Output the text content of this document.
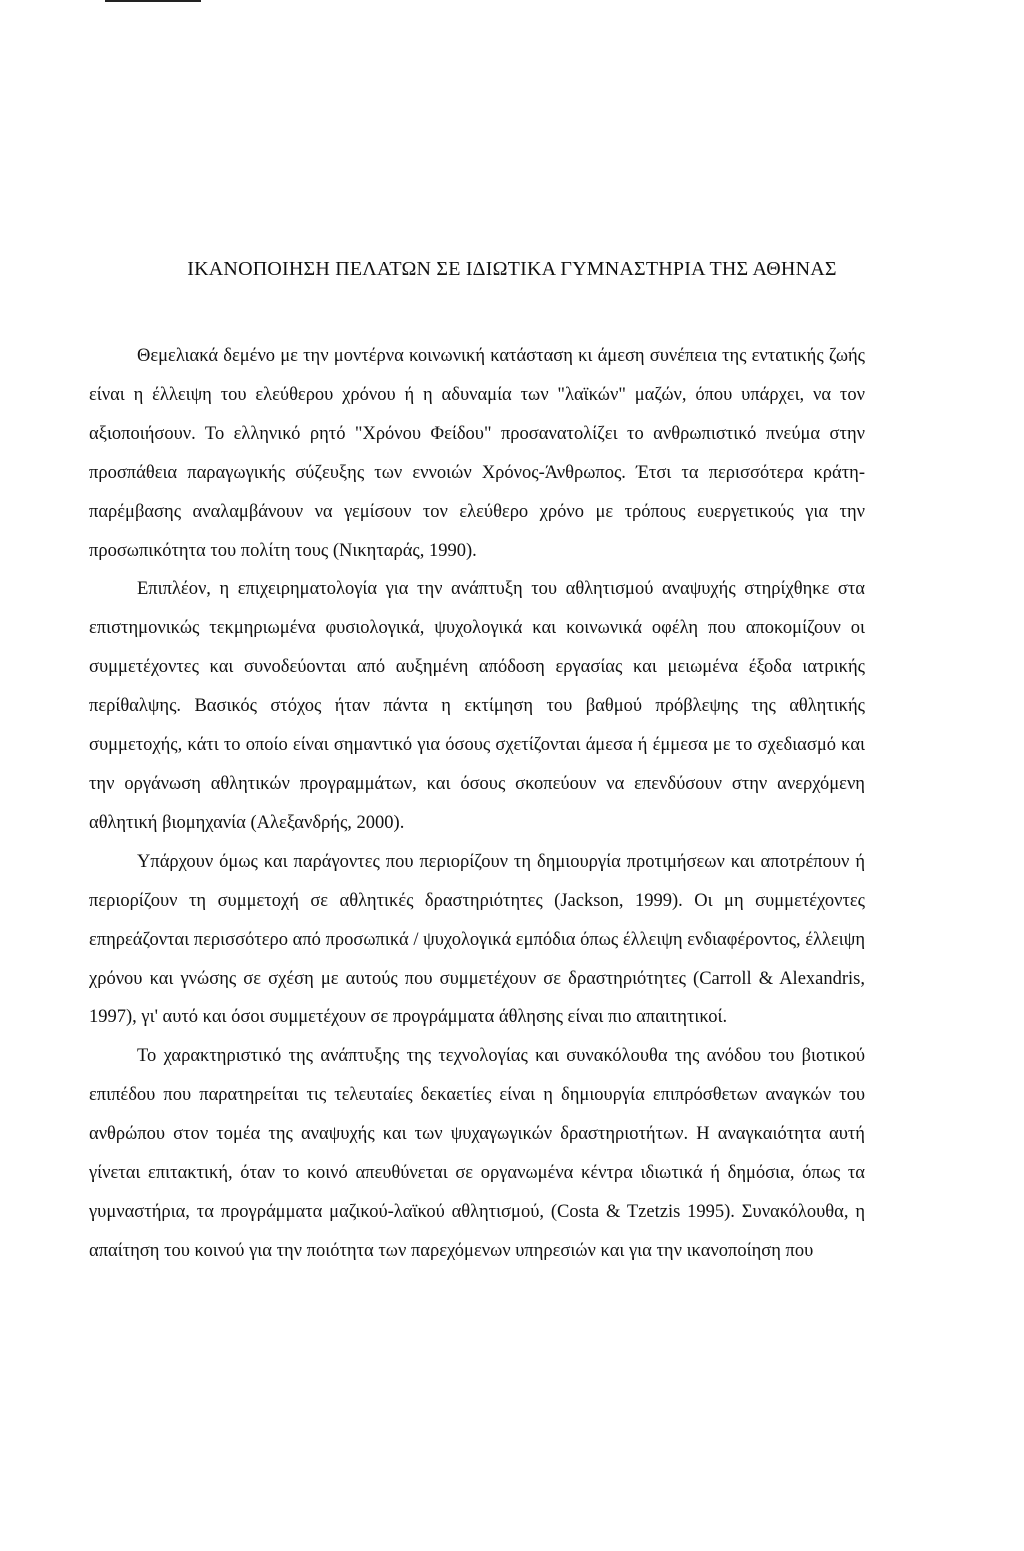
ΙΚΑΝΟΠΟΙΗΣΗ ΠΕΛΑΤΩΝ ΣΕ ΙΔΙΩΤΙΚΑ ΓΥΜΝΑΣΤΗΡΙΑ ΤΗΣ ΑΘΗΝΑΣ

Θεμελιακά δεμένο με την μοντέρνα κοινωνική κατάσταση κι άμεση συνέπεια της εντατικής ζωής είναι η έλλειψη του ελεύθερου χρόνου ή η αδυναμία των "λαϊκών" μαζών, όπου υπάρχει, να τον αξιοποιήσουν. Το ελληνικό ρητό "Χρόνου Φείδου" προσανατολίζει το ανθρωπιστικό πνεύμα στην προσπάθεια παραγωγικής σύζευξης των εννοιών Χρόνος-Άνθρωπος. Έτσι τα περισσότερα κράτη-παρέμβασης αναλαμβάνουν να γεμίσουν τον ελεύθερο χρόνο με τρόπους ευεργετικούς για την προσωπικότητα του πολίτη τους (Νικηταράς, 1990).

Επιπλέον, η επιχειρηματολογία για την ανάπτυξη του αθλητισμού αναψυχής στηρίχθηκε στα επιστημονικώς τεκμηριωμένα φυσιολογικά, ψυχολογικά και κοινωνικά οφέλη που αποκομίζουν οι συμμετέχοντες και συνοδεύονται από αυξημένη απόδοση εργασίας και μειωμένα έξοδα ιατρικής περίθαλψης. Βασικός στόχος ήταν πάντα η εκτίμηση του βαθμού πρόβλεψης της αθλητικής συμμετοχής, κάτι το οποίο είναι σημαντικό για όσους σχετίζονται άμεσα ή έμμεσα με το σχεδιασμό και την οργάνωση αθλητικών προγραμμάτων, και όσους σκοπεύουν να επενδύσουν στην ανερχόμενη αθλητική βιομηχανία (Αλεξανδρής, 2000).

Υπάρχουν όμως και παράγοντες που περιορίζουν τη δημιουργία προτιμήσεων και αποτρέπουν ή περιορίζουν τη συμμετοχή σε αθλητικές δραστηριότητες (Jackson, 1999). Οι μη συμμετέχοντες επηρεάζονται περισσότερο από προσωπικά / ψυχολογικά εμπόδια όπως έλλειψη ενδιαφέροντος, έλλειψη χρόνου και γνώσης σε σχέση με αυτούς που συμμετέχουν σε δραστηριότητες (Carroll & Alexandris, 1997), γι' αυτό και όσοι συμμετέχουν σε προγράμματα άθλησης είναι πιο απαιτητικοί.

Το χαρακτηριστικό της ανάπτυξης της τεχνολογίας και συνακόλουθα της ανόδου του βιοτικού επιπέδου που παρατηρείται τις τελευταίες δεκαετίες είναι η δημιουργία επιπρόσθετων αναγκών του ανθρώπου στον τομέα της αναψυχής και των ψυχαγωγικών δραστηριοτήτων. Η αναγκαιότητα αυτή γίνεται επιτακτική, όταν το κοινό απευθύνεται σε οργανωμένα κέντρα ιδιωτικά ή δημόσια, όπως τα γυμναστήρια, τα προγράμματα μαζικού-λαϊκού αθλητισμού, (Costa & Tzetzis 1995). Συνακόλουθα, η απαίτηση του κοινού για την ποιότητα των παρεχόμενων υπηρεσιών και για την ικανοποίηση που
